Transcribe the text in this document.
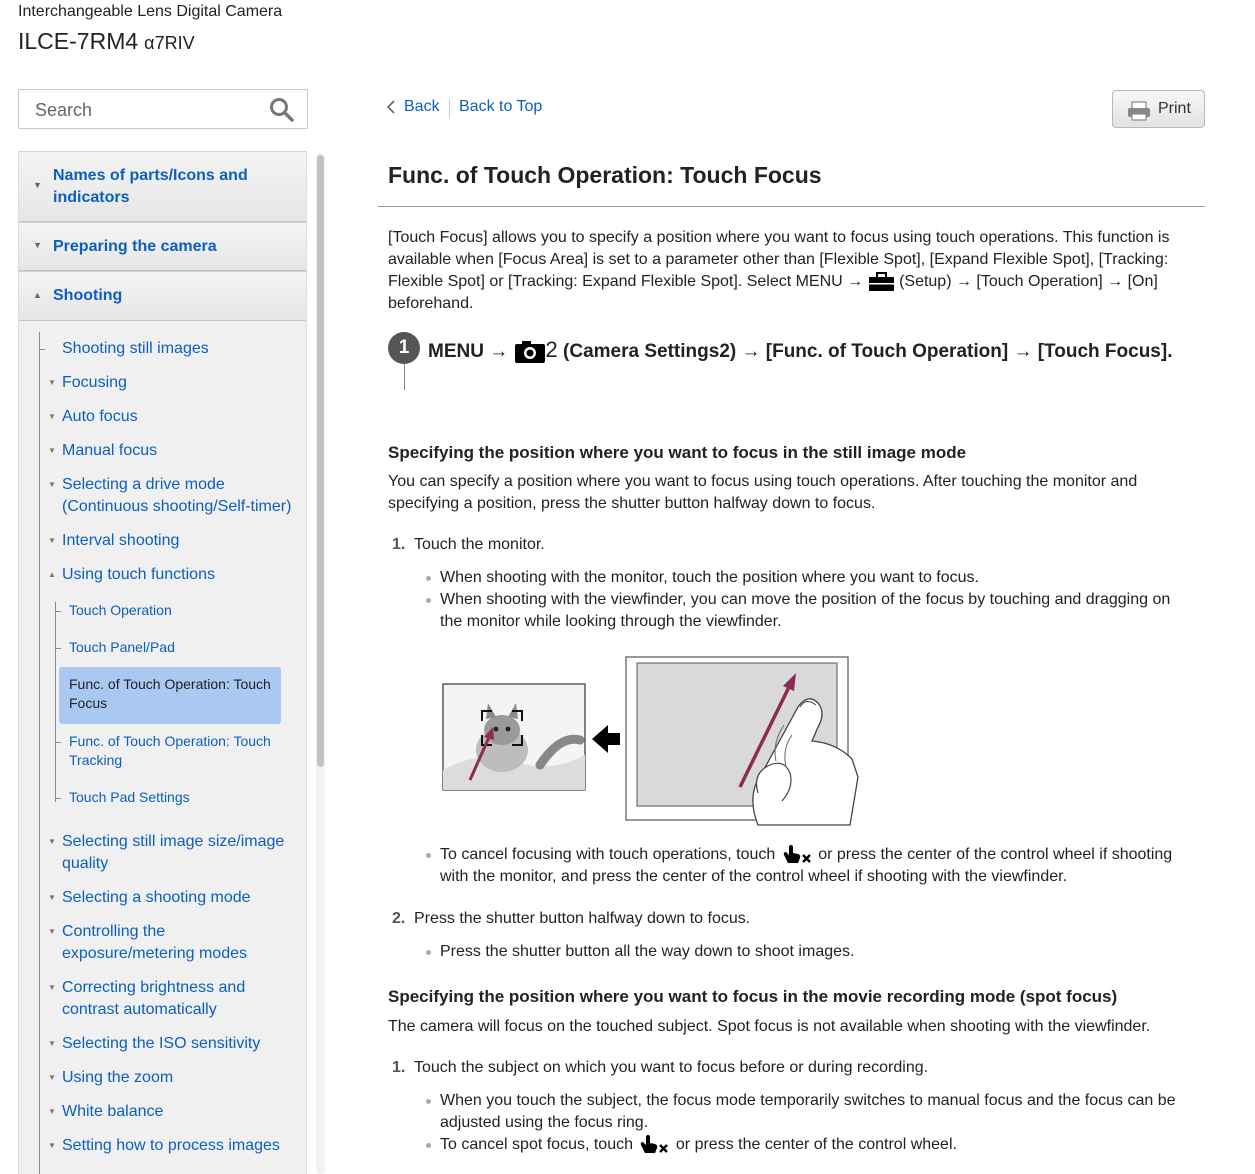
Interchangeable Lens Digital Camera
ILCE-7RM4 α7RIV
Search
▼
Names of parts/Icons and indicators
▼ Preparing the camera
▲ Shooting
Shooting still images
▼ Focusing
▼ Auto focus
▼ Manual focus
▼ Selecting a drive mode (Continuous shooting/Self-timer)
▼ Interval shooting
▲ Using touch functions
Touch Operation
Touch Panel/Pad
Func. of Touch Operation: Touch Focus
Func. of Touch Operation: Touch Tracking
Touch Pad Settings
▼ Selecting still image size/image quality
▼ Selecting a shooting mode
▼ Controlling the exposure/metering modes
▼ Correcting brightness and contrast automatically
▼ Selecting the ISO sensitivity
▼ Using the zoom
▼ White balance
▼ Setting how to process images
Back Back to Top	Print
Func. of Touch Operation: Touch Focus
[Touch Focus] allows you to specify a position where you want to focus using touch operations. This function is available when [Focus Area] is set to a parameter other than [Flexible Spot], [Expand Flexible Spot], [Tracking: Flexible Spot] or [Tracking: Expand Flexible Spot]. Select MENU → (Setup) → [Touch Operation] → [On] beforehand.
1 MENU → 2 (Camera Settings2) → [Func. of Touch Operation] → [Touch Focus].
Specifying the position where you want to focus in the still image mode
You can specify a position where you want to focus using touch operations. After touching the monitor and specifying a position, press the shutter button halfway down to focus.
1. Touch the monitor.
When shooting with the monitor, touch the position where you want to focus.
When shooting with the viewfinder, you can move the position of the focus by touching and dragging on the monitor while looking through the viewfinder.
To cancel focusing with touch operations, touch	or press the center of the control wheel if shooting with the monitor, and press the center of the control wheel if shooting with the viewfinder.
2. Press the shutter button halfway down to focus.
Press the shutter button all the way down to shoot images.
Specifying the position where you want to focus in the movie recording mode (spot focus)
The camera will focus on the touched subject. Spot focus is not available when shooting with the viewfinder.
1. Touch the subject on which you want to focus before or during recording.
When you touch the subject, the focus mode temporarily switches to manual focus and the focus can be adjusted using the focus ring.
To cancel spot focus, touch	or press the center of the control wheel.
